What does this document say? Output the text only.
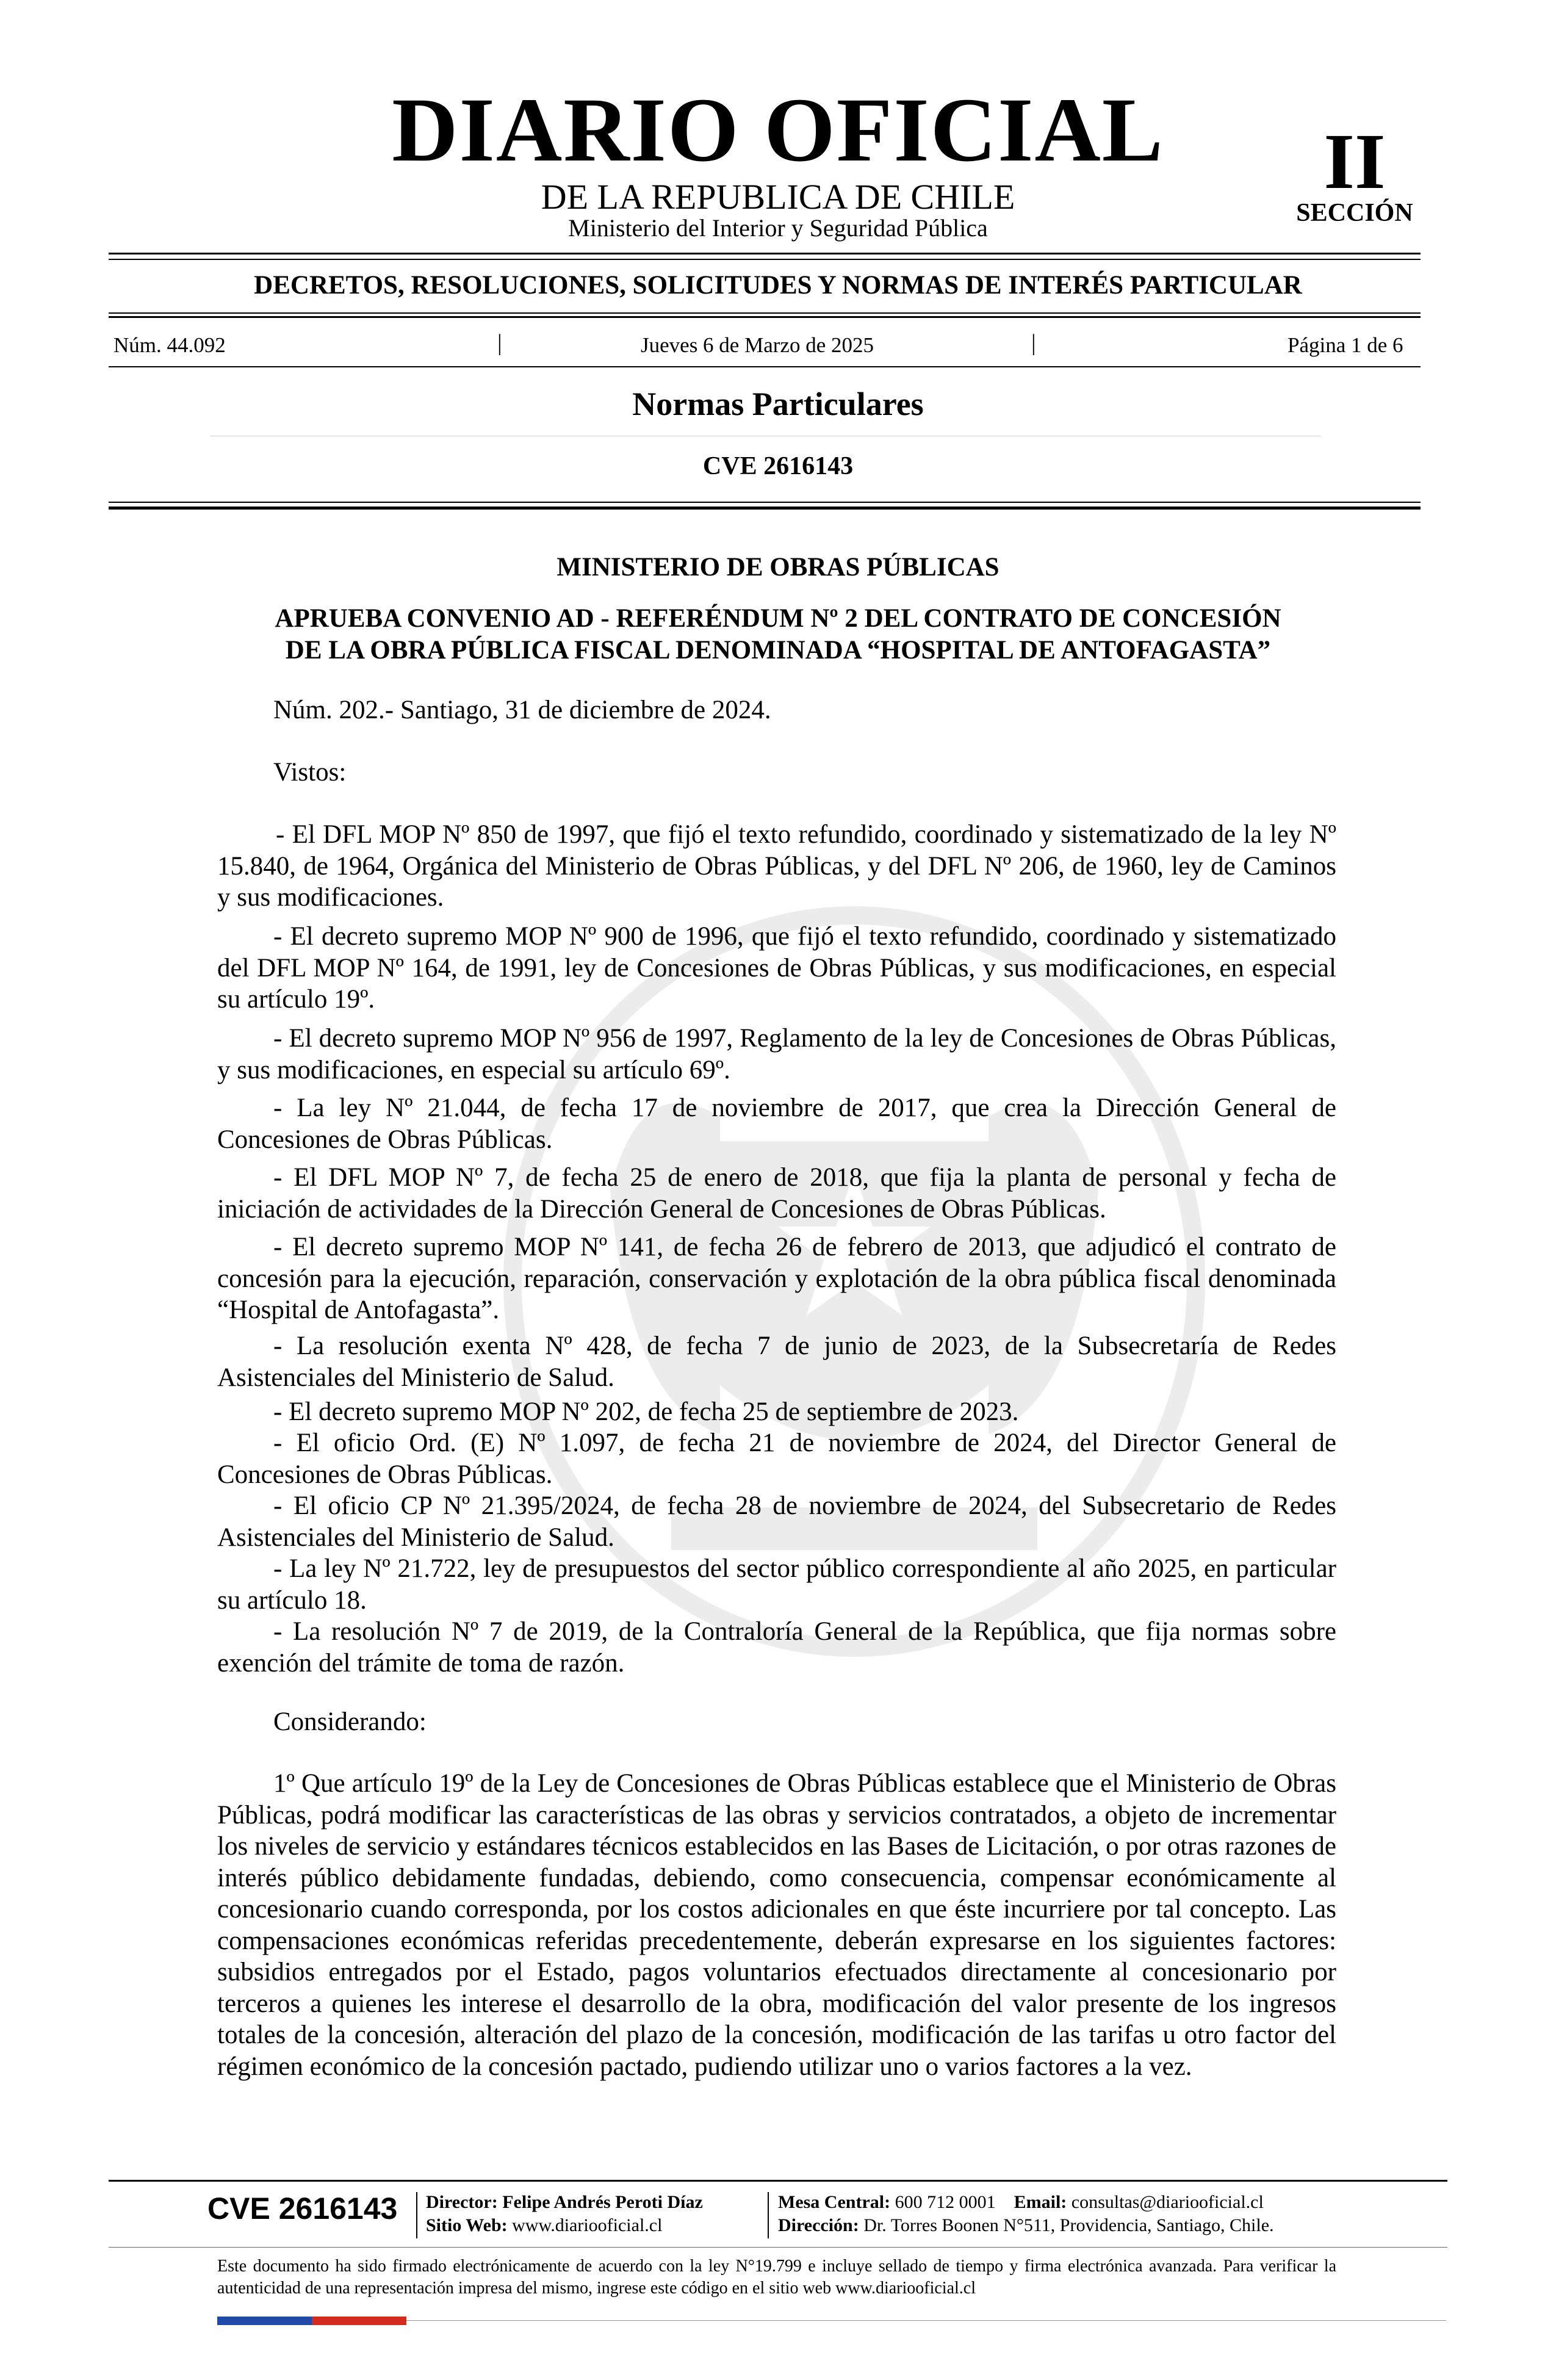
DIARIO OFICIAL
DE LA REPUBLICA DE CHILE
Ministerio del Interior y Seguridad Pública
II
SECCIÓN
DECRETOS, RESOLUCIONES, SOLICITUDES Y NORMAS DE INTERÉS PARTICULAR
Núm. 44.092	|	Jueves 6 de Marzo de 2025	|	Página 1 de 6
Normas Particulares
CVE 2616143
MINISTERIO DE OBRAS PÚBLICAS
APRUEBA CONVENIO AD - REFERÉNDUM Nº 2 DEL CONTRATO DE CONCESIÓN
DE LA OBRA PÚBLICA FISCAL DENOMINADA “HOSPITAL DE ANTOFAGASTA”
Núm. 202.- Santiago, 31 de diciembre de 2024.
Vistos:
- El DFL MOP Nº 850 de 1997, que fijó el texto refundido, coordinado y sistematizado de la ley Nº 15.840, de 1964, Orgánica del Ministerio de Obras Públicas, y del DFL Nº 206, de 1960, ley de Caminos y sus modificaciones.
- El decreto supremo MOP Nº 900 de 1996, que fijó el texto refundido, coordinado y sistematizado del DFL MOP Nº 164, de 1991, ley de Concesiones de Obras Públicas, y sus modificaciones, en especial su artículo 19º.
- El decreto supremo MOP Nº 956 de 1997, Reglamento de la ley de Concesiones de Obras Públicas, y sus modificaciones, en especial su artículo 69º.
- La ley Nº 21.044, de fecha 17 de noviembre de 2017, que crea la Dirección General de Concesiones de Obras Públicas.
- El DFL MOP Nº 7, de fecha 25 de enero de 2018, que fija la planta de personal y fecha de iniciación de actividades de la Dirección General de Concesiones de Obras Públicas.
- El decreto supremo MOP Nº 141, de fecha 26 de febrero de 2013, que adjudicó el contrato de concesión para la ejecución, reparación, conservación y explotación de la obra pública fiscal denominada “Hospital de Antofagasta”.
- La resolución exenta Nº 428, de fecha 7 de junio de 2023, de la Subsecretaría de Redes Asistenciales del Ministerio de Salud.
- El decreto supremo MOP Nº 202, de fecha 25 de septiembre de 2023.
- El oficio Ord. (E) Nº 1.097, de fecha 21 de noviembre de 2024, del Director General de Concesiones de Obras Públicas.
- El oficio CP Nº 21.395/2024, de fecha 28 de noviembre de 2024, del Subsecretario de Redes Asistenciales del Ministerio de Salud.
- La ley Nº 21.722, ley de presupuestos del sector público correspondiente al año 2025, en particular su artículo 18.
- La resolución Nº 7 de 2019, de la Contraloría General de la República, que fija normas sobre exención del trámite de toma de razón.
Considerando:
1º Que artículo 19º de la Ley de Concesiones de Obras Públicas establece que el Ministerio de Obras Públicas, podrá modificar las características de las obras y servicios contratados, a objeto de incrementar los niveles de servicio y estándares técnicos establecidos en las Bases de Licitación, o por otras razones de interés público debidamente fundadas, debiendo, como consecuencia, compensar económicamente al concesionario cuando corresponda, por los costos adicionales en que éste incurriere por tal concepto. Las compensaciones económicas referidas precedentemente, deberán expresarse en los siguientes factores: subsidios entregados por el Estado, pagos voluntarios efectuados directamente al concesionario por terceros a quienes les interese el desarrollo de la obra, modificación del valor presente de los ingresos totales de la concesión, alteración del plazo de la concesión, modificación de las tarifas u otro factor del régimen económico de la concesión pactado, pudiendo utilizar uno o varios factores a la vez.
CVE 2616143 Director: Felipe Andrés Peroti Díaz
Sitio Web: www.diariooficial.cl
Mesa Central: 600 712 0001 Email: consultas@diariooficial.cl
Dirección: Dr. Torres Boonen N°511, Providencia, Santiago, Chile.
Este documento ha sido firmado electrónicamente de acuerdo con la ley N°19.799 e incluye sellado de tiempo y firma electrónica avanzada. Para verificar la autenticidad de una representación impresa del mismo, ingrese este código en el sitio web www.diariooficial.cl
